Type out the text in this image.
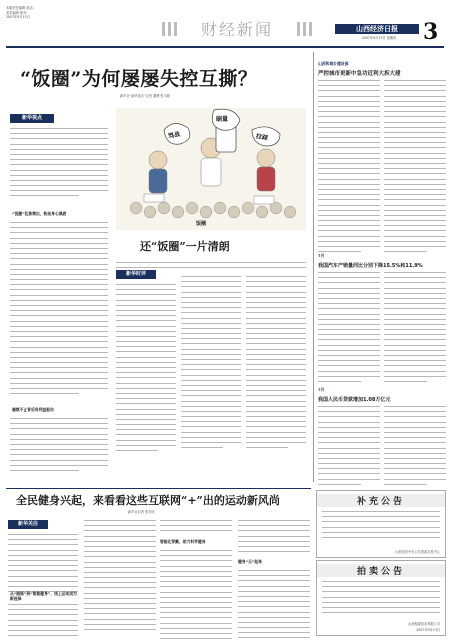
本版责任编辑 电话：
美术编辑 校对：
2007年9月13日
财经新闻	山西经济日报
2007年9月13日 星期四	3
“饭圈”为何屡屡失控互撕？
新华社“新华视点”记者 董博 张丰硕
新华视点
“饭圈”乱象频出，粉丝身心俱疲
屡禁不止背后有利益驱动
骂战
刷量
拉踩
饭圈
还“饭圈”一片清朗
新华时评
山西和城乡建设部
严控城市更新中急功近利大拆大建
7月
我国汽车产销量同比分别下降15.5%和11.9%
7月
我国人民币贷款增加1.08万亿元
全民健身兴起，来看看这些互联网“+”出的运动新风尚
新华社记者 张辛欣
新华关注
从“跟练”到“智能健身”，线上运动成为新选择
智能化穿戴，助力科学健身
健身“云”起来
补充公告
山西省晋中市公共资源交易中心
拍卖公告
山西振源拍卖有限公司
2007年9月13日
